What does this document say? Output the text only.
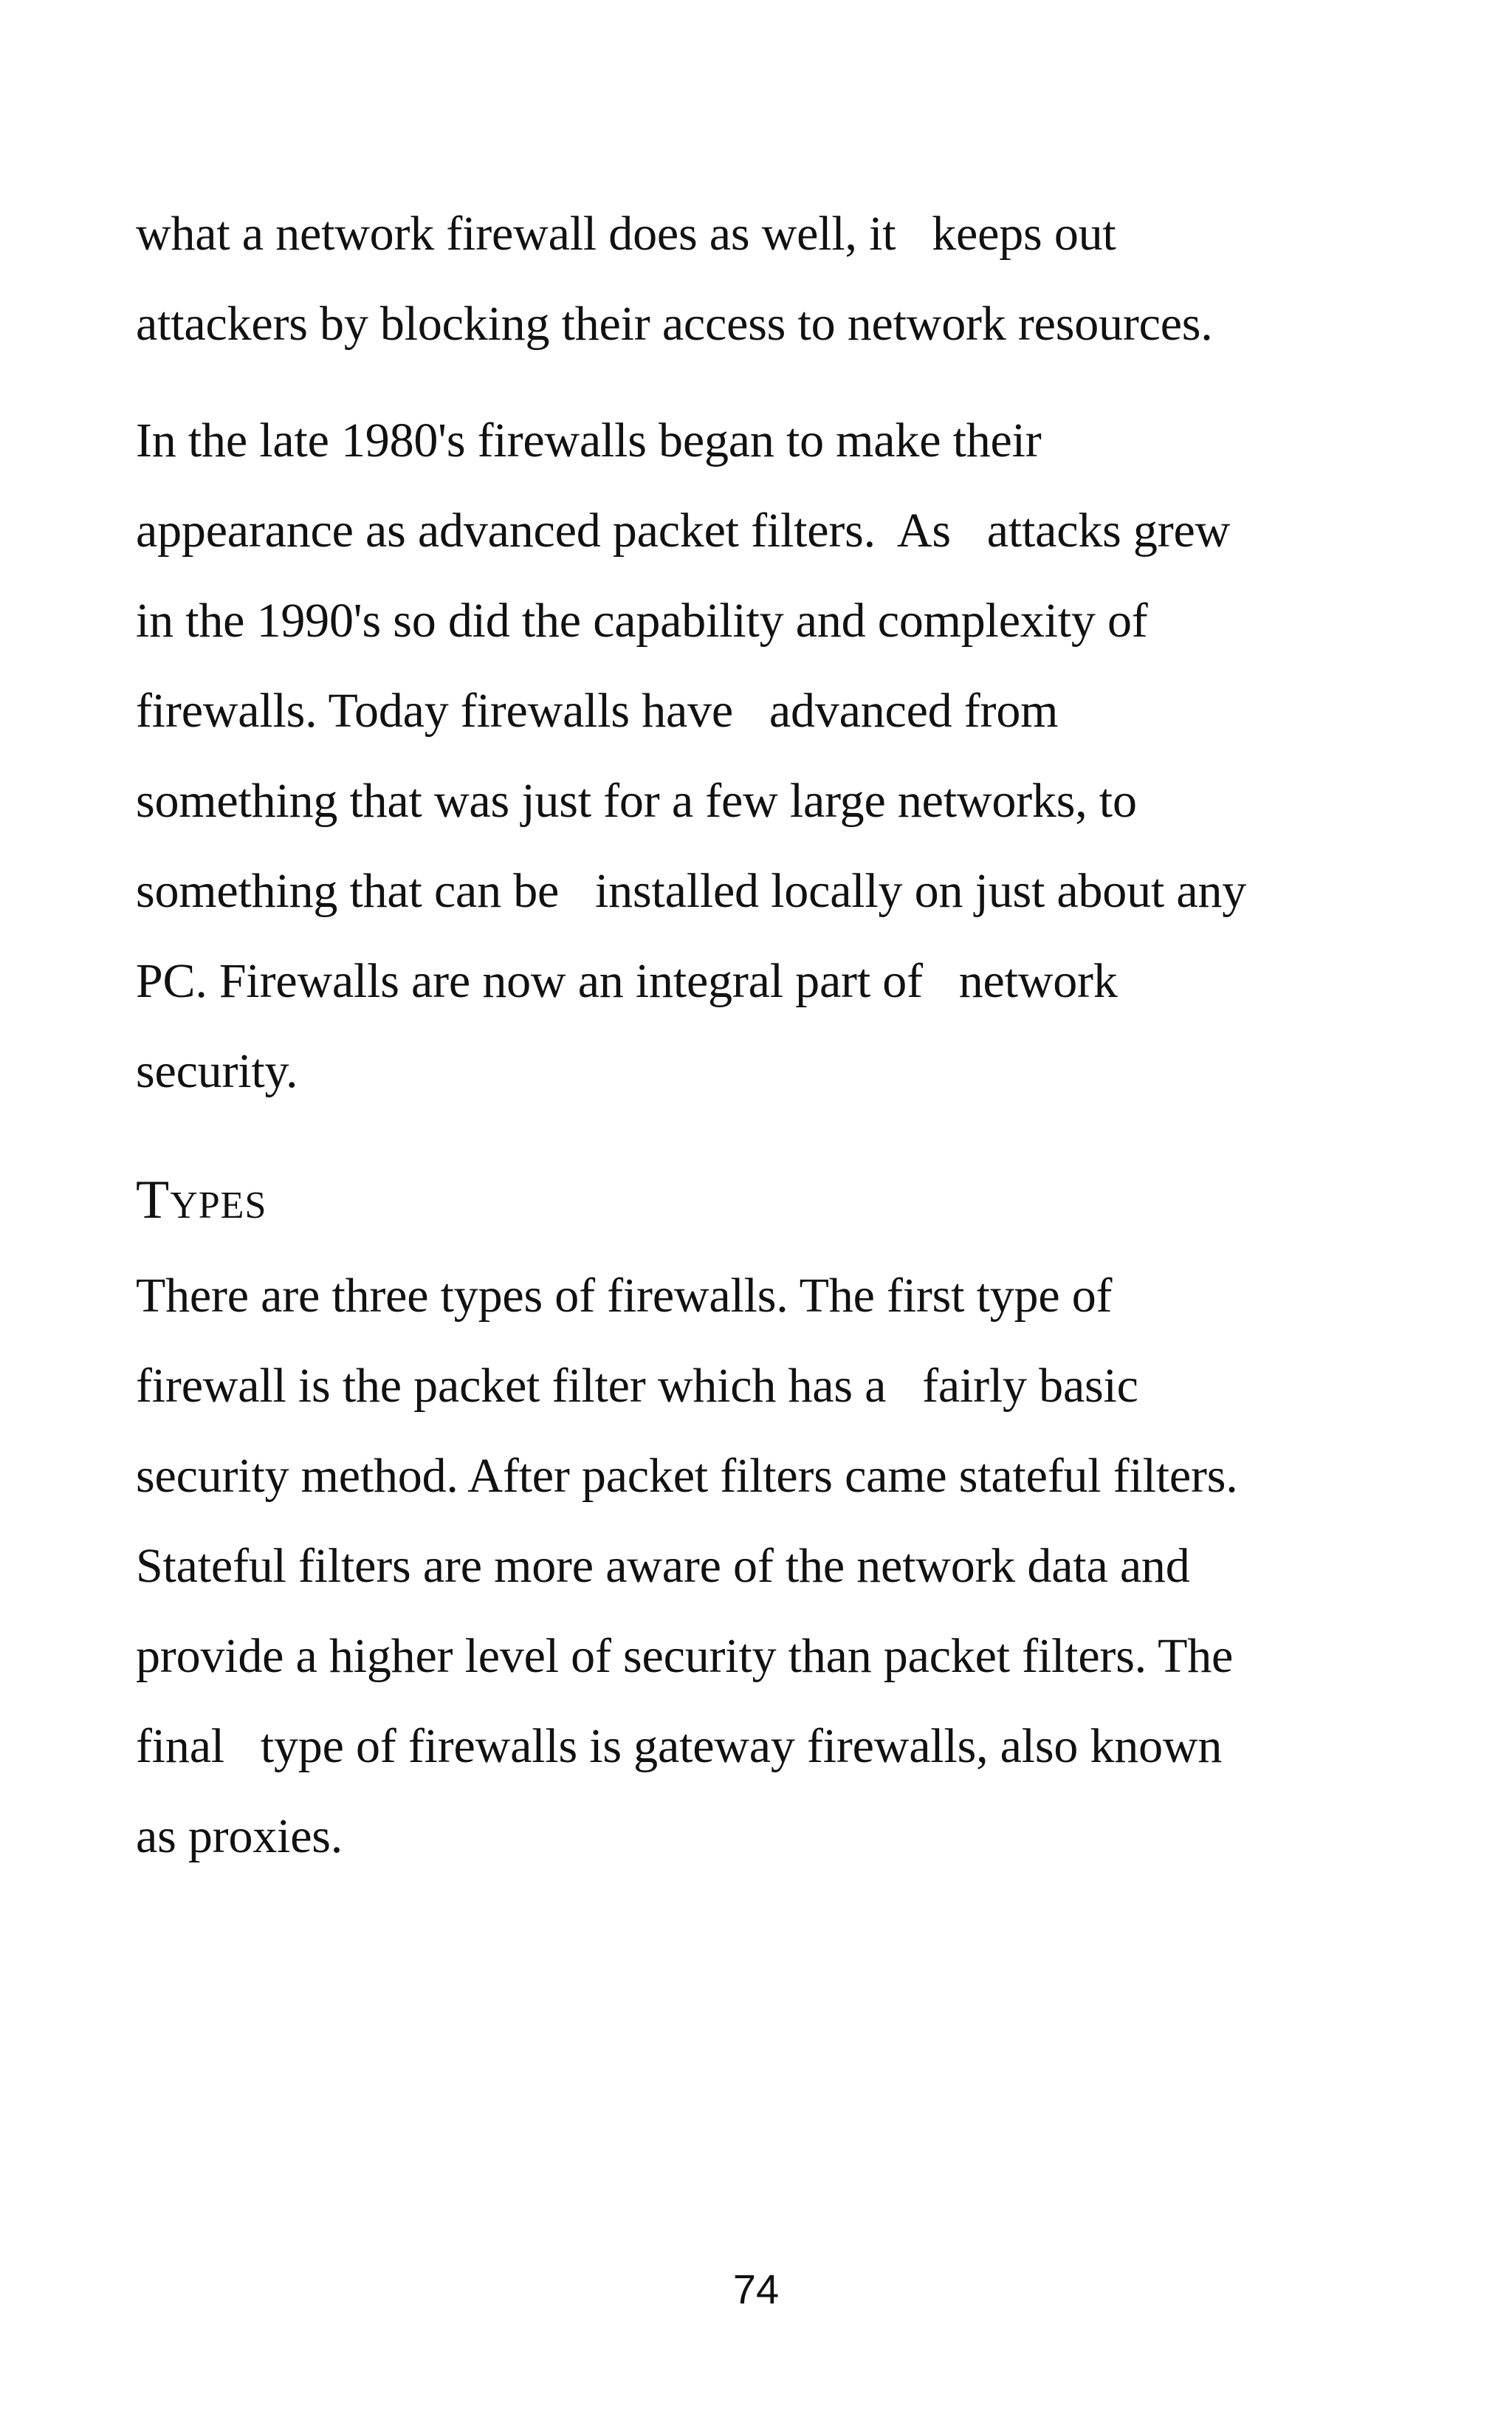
what a network firewall does as well, it   keeps out
attackers by blocking their access to network resources.
In the late 1980's firewalls began to make their
appearance as advanced packet filters.  As   attacks grew
in the 1990's so did the capability and complexity of
firewalls. Today firewalls have   advanced from
something that was just for a few large networks, to
something that can be   installed locally on just about any
PC. Firewalls are now an integral part of   network
security.
Types
There are three types of firewalls. The first type of
firewall is the packet filter which has a   fairly basic
security method. After packet filters came stateful filters.
Stateful filters are more aware of the network data and
provide a higher level of security than packet filters. The
final   type of firewalls is gateway firewalls, also known
as proxies.
74
